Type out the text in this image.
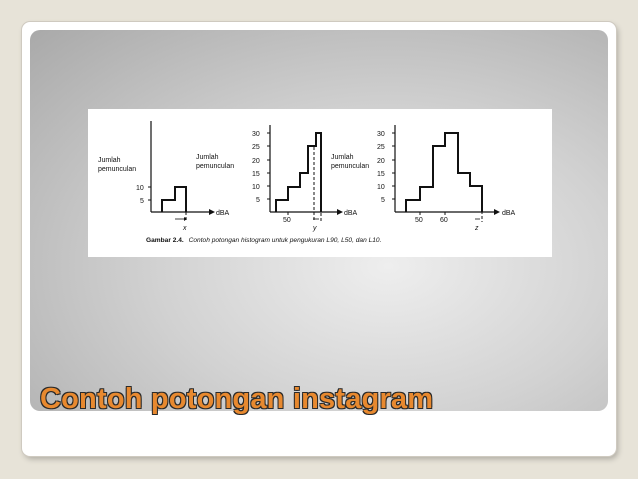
Jumlah
pemunculan
dBA
10
5
x
Jumlah
pemunculan
dBA
30
25
20
15
10
5
50
y
Jumlah
pemunculan
dBA
30
25
20
15
10
5
50 60
z
Gambar 2.4. Contoh potongan histogram untuk pengukuran L90, L50, dan L10.
Contoh potongan instagram
